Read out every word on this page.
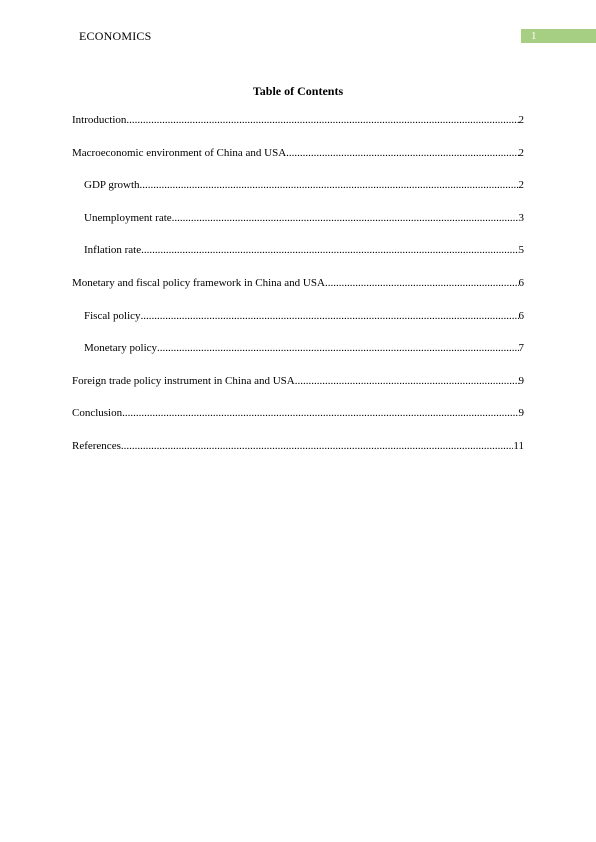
ECONOMICS	1
Table of Contents
Introduction .....	2
Macroeconomic environment of China and USA .....	2
GDP growth .....	2
Unemployment rate .....	3
Inflation rate .....	5
Monetary and fiscal policy framework in China and USA .....	6
Fiscal policy .....	6
Monetary policy .....	7
Foreign trade policy instrument in China and USA .....	9
Conclusion .....	9
References .....	11
